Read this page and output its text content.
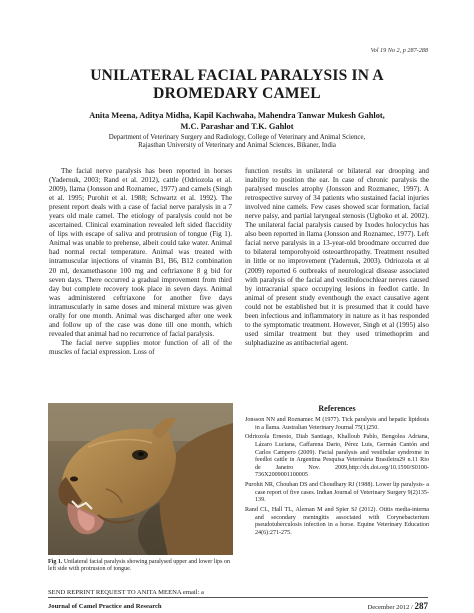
Vol 19 No 2, p 287-288
UNILATERAL FACIAL PARALYSIS IN A
DROMEDARY CAMEL
Anita Meena, Aditya Midha, Kapil Kachwaha, Mahendra Tanwar Mukesh Gahlot,
M.C. Parashar and T.K. Gahlot
Department of Veterinary Surgery and Radiology, College of Veterinary and Animal Science,
Rajasthan University of Veterinary and Animal Sciences, Bikaner, India

The facial nerve paralysis has been reported in horses (Yadernuk, 2003; Rand et al. 2012), cattle (Odriozola et al. 2009), llama (Jonsson and Roznamec, 1977) and camels (Singh et al. 1995; Purohit et al. 1988; Schwartz et al. 1992). The present report deals with a case of facial nerve paralysis in a 7 years old male camel. The etiology of paralysis could not be ascertained. Clinical examination revealed left sided flaccidity of lips with escape of saliva and protrusion of tongue (Fig 1). Animal was unable to prehense, albeit could take water. Animal had normal rectal temperature. Animal was treated with intramuscular injections of vitamin B1, B6, B12 combination 20 ml, dexamethasone 100 mg and ceftriaxone 8 g bid for seven days. There occurred a gradual improvement from third day but complete recovery took place in seven days. Animal was administered ceftriaxone for another five days intramuscularly in same doses and mineral mixture was given orally for one month. Animal was discharged after one week and follow up of the case was done till one month, which revealed that animal had no recurrence of facial paralysis.

The facial nerve supplies motor function of all of the muscles of facial expression. Loss of

function results in unilateral or bilateral ear drooping and inability to position the ear. In case of chronic paralysis the paralysed muscles atrophy (Jonsson and Rozmanec, 1997). A retrospective survey of 34 patients who sustained facial injuries involved nine camels. Few cases showed scar formation, facial nerve palsy, and partial laryngeal stenosis (Ugboko et al. 2002). The unilateral facial paralysis caused by Ixodes holocyclus has also been reported in llama (Jonsson and Roznamec, 1977). Left facial nerve paralysis in a 13-year-old broodmare occurred due to bilateral temporohyoid osteoarthropathy. Treatment resulted in little or no improvement (Yadernuk, 2003). Odriozola et al (2009) reported 6 outbreaks of neurological disease associated with paralysis of the facial and vestibulocochlear nerves caused by intracranial space occupying lesions in feedlot cattle. In animal of present study eventhough the exact causative agent could not be established but it is presumed that it could have been infectious and inflammatory in nature as it has responded to the symptomatic treatment. However, Singh et al (1995) also used similar treatment but they used trimethoprim and sulphadiazine as antibacterial agent.

Fig 1. Unilateral facial paralysis showing paralysed upper and lower lips on left side with protrusion of tongue.
References

Jonsson NN and Roznamec M (1977). Tick paralysis and hepatic lipidosis in a llama. Australian Veterinary Journal 75(1)250.

Odriozola Ernesto, Diab Santiago, Khalloub Pablo, Bengolea Adriana, Lázaro Luciana, Caffarena Dario, Pérez Luis, Germán Cantón and Carlos Campero (2009). Facial paralysis and vestibular syndrome in feedlot cattle in Argentina Pesquisa Veterinária Brasileira29 n.11 Rio de Janeiro Nov. 2009,http://dx.doi.org/10.1590/S0100-736X2009001100005

Purohit NR, Chouhan DS and Choudhary RJ (1988). Lower lip paralysis- a case report of five cases. Indian Journal of Veterinary Surgery 9(2)135-139.

Rand CL, Hall TL, Aleman M and Spier SJ (2012). Otitis media-interna and secondary meningitis associated with Corynebacterium pseudotuberculosis infection in a horse. Equine Veterinary Education 24(6):271-275.

SEND REPRINT REQUEST TO ANITA MEENA email: a
Journal of Camel Practice and Research	December 2012 / 287
